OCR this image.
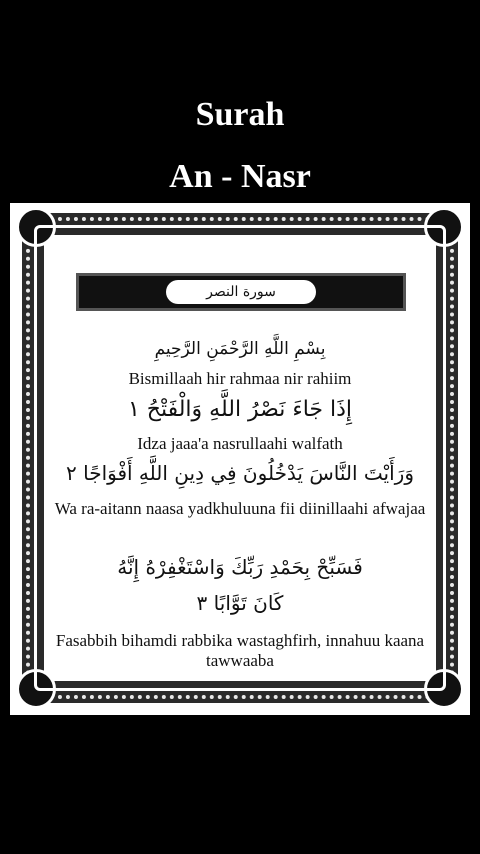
Surah
An - Nasr
سورة النصر
بِسْمِ اللَّهِ الرَّحْمَنِ الرَّحِيمِ
Bismillaah hir rahmaa nir rahiim
إِذَا جَاءَ نَصْرُ اللَّهِ وَالْفَتْحُ ١
Idza jaaa'a nasrullaahi walfath
وَرَأَيْتَ النَّاسَ يَدْخُلُونَ فِي دِينِ اللَّهِ أَفْوَاجًا ٢
Wa ra-aitann naasa yadkhuluuna fii diinillaahi afwajaa
فَسَبِّحْ بِحَمْدِ رَبِّكَ وَاسْتَغْفِرْهُ إِنَّهُ
كَانَ تَوَّابًا ٣
Fasabbih bihamdi rabbika wastaghfirh, innahuu kaana tawwaaba
